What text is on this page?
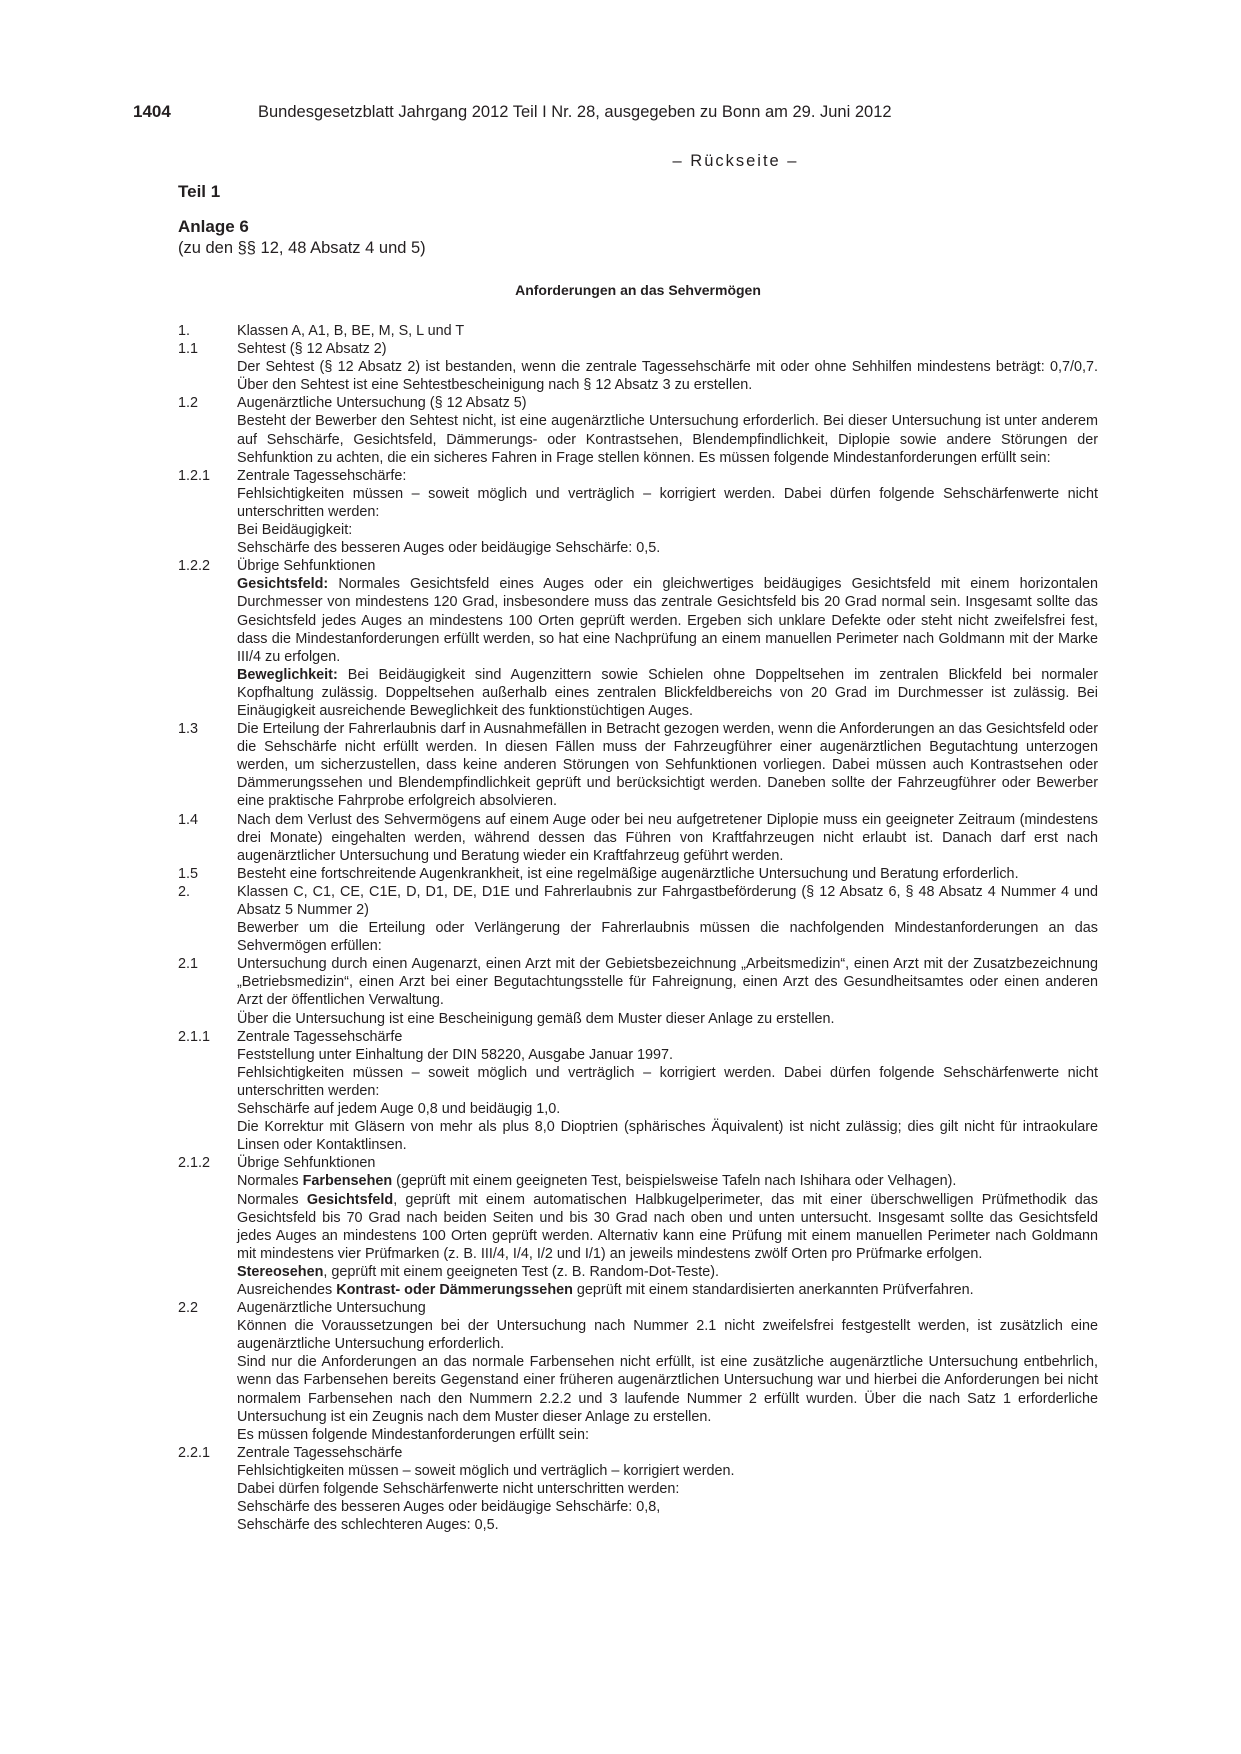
1404	Bundesgesetzblatt Jahrgang 2012 Teil I Nr. 28, ausgegeben zu Bonn am 29. Juni 2012
– Rückseite –
Teil 1
Anlage 6
(zu den §§ 12, 48 Absatz 4 und 5)
Anforderungen an das Sehvermögen
1.	Klassen A, A1, B, BE, M, S, L und T
1.1	Sehtest (§ 12 Absatz 2)
Der Sehtest (§ 12 Absatz 2) ist bestanden, wenn die zentrale Tagessehschärfe mit oder ohne Sehhilfen mindestens beträgt: 0,7/0,7. Über den Sehtest ist eine Sehtestbescheinigung nach § 12 Absatz 3 zu erstellen.
1.2	Augenärztliche Untersuchung (§ 12 Absatz 5)
Besteht der Bewerber den Sehtest nicht, ist eine augenärztliche Untersuchung erforderlich. Bei dieser Untersuchung ist unter anderem auf Sehschärfe, Gesichtsfeld, Dämmerungs- oder Kontrastsehen, Blendempfindlichkeit, Diplopie sowie andere Störungen der Sehfunktion zu achten, die ein sicheres Fahren in Frage stellen können. Es müssen folgende Mindestanforderungen erfüllt sein:
1.2.1	Zentrale Tagessehschärfe:
Fehlsichtigkeiten müssen – soweit möglich und verträglich – korrigiert werden. Dabei dürfen folgende Sehschärfenwerte nicht unterschritten werden:
Bei Beidäugigkeit:
Sehschärfe des besseren Auges oder beidäugige Sehschärfe: 0,5.
1.2.2	Übrige Sehfunktionen
Gesichtsfeld: Normales Gesichtsfeld eines Auges oder ein gleichwertiges beidäugiges Gesichtsfeld mit einem horizontalen Durchmesser von mindestens 120 Grad, insbesondere muss das zentrale Gesichtsfeld bis 20 Grad normal sein. Insgesamt sollte das Gesichtsfeld jedes Auges an mindestens 100 Orten geprüft werden. Ergeben sich unklare Defekte oder steht nicht zweifelsfrei fest, dass die Mindestanforderungen erfüllt werden, so hat eine Nachprüfung an einem manuellen Perimeter nach Goldmann mit der Marke III/4 zu erfolgen.
Beweglichkeit: Bei Beidäugigkeit sind Augenzittern sowie Schielen ohne Doppeltsehen im zentralen Blickfeld bei normaler Kopfhaltung zulässig. Doppeltsehen außerhalb eines zentralen Blickfeldbereichs von 20 Grad im Durchmesser ist zulässig. Bei Einäugigkeit ausreichende Beweglichkeit des funktionstüchtigen Auges.
1.3	Die Erteilung der Fahrerlaubnis darf in Ausnahmefällen in Betracht gezogen werden, wenn die Anforderungen an das Gesichtsfeld oder die Sehschärfe nicht erfüllt werden. In diesen Fällen muss der Fahrzeugführer einer augenärztlichen Begutachtung unterzogen werden, um sicherzustellen, dass keine anderen Störungen von Sehfunktionen vorliegen. Dabei müssen auch Kontrastsehen oder Dämmerungssehen und Blendempfindlichkeit geprüft und berücksichtigt werden. Daneben sollte der Fahrzeugführer oder Bewerber eine praktische Fahrprobe erfolgreich absolvieren.
1.4	Nach dem Verlust des Sehvermögens auf einem Auge oder bei neu aufgetretener Diplopie muss ein geeigneter Zeitraum (mindestens drei Monate) eingehalten werden, während dessen das Führen von Kraftfahrzeugen nicht erlaubt ist. Danach darf erst nach augenärztlicher Untersuchung und Beratung wieder ein Kraftfahrzeug geführt werden.
1.5	Besteht eine fortschreitende Augenkrankheit, ist eine regelmäßige augenärztliche Untersuchung und Beratung erforderlich.
2.	Klassen C, C1, CE, C1E, D, D1, DE, D1E und Fahrerlaubnis zur Fahrgastbeförderung (§ 12 Absatz 6, § 48 Absatz 4 Nummer 4 und Absatz 5 Nummer 2)
Bewerber um die Erteilung oder Verlängerung der Fahrerlaubnis müssen die nachfolgenden Mindestanforderungen an das Sehvermögen erfüllen:
2.1	Untersuchung durch einen Augenarzt, einen Arzt mit der Gebietsbezeichnung „Arbeitsmedizin“, einen Arzt mit der Zusatzbezeichnung „Betriebsmedizin“, einen Arzt bei einer Begutachtungsstelle für Fahreignung, einen Arzt des Gesundheitsamtes oder einen anderen Arzt der öffentlichen Verwaltung.
Über die Untersuchung ist eine Bescheinigung gemäß dem Muster dieser Anlage zu erstellen.
2.1.1	Zentrale Tagessehschärfe
Feststellung unter Einhaltung der DIN 58220, Ausgabe Januar 1997.
Fehlsichtigkeiten müssen – soweit möglich und verträglich – korrigiert werden. Dabei dürfen folgende Sehschärfenwerte nicht unterschritten werden:
Sehschärfe auf jedem Auge 0,8 und beidäugig 1,0.
Die Korrektur mit Gläsern von mehr als plus 8,0 Dioptrien (sphärisches Äquivalent) ist nicht zulässig; dies gilt nicht für intraokulare Linsen oder Kontaktlinsen.
2.1.2	Übrige Sehfunktionen
Normales Farbensehen (geprüft mit einem geeigneten Test, beispielsweise Tafeln nach Ishihara oder Velhagen).
Normales Gesichtsfeld, geprüft mit einem automatischen Halbkugelperimeter, das mit einer überschwelligen Prüfmethodik das Gesichtsfeld bis 70 Grad nach beiden Seiten und bis 30 Grad nach oben und unten untersucht. Insgesamt sollte das Gesichtsfeld jedes Auges an mindestens 100 Orten geprüft werden. Alternativ kann eine Prüfung mit einem manuellen Perimeter nach Goldmann mit mindestens vier Prüfmarken (z. B. III/4, I/4, I/2 und I/1) an jeweils mindestens zwölf Orten pro Prüfmarke erfolgen.
Stereosehen, geprüft mit einem geeigneten Test (z. B. Random-Dot-Teste).
Ausreichendes Kontrast- oder Dämmerungssehen geprüft mit einem standardisierten anerkannten Prüfverfahren.
2.2	Augenärztliche Untersuchung
Können die Voraussetzungen bei der Untersuchung nach Nummer 2.1 nicht zweifelsfrei festgestellt werden, ist zusätzlich eine augenärztliche Untersuchung erforderlich.
Sind nur die Anforderungen an das normale Farbensehen nicht erfüllt, ist eine zusätzliche augenärztliche Untersuchung entbehrlich, wenn das Farbensehen bereits Gegenstand einer früheren augenärztlichen Untersuchung war und hierbei die Anforderungen bei nicht normalem Farbensehen nach den Nummern 2.2.2 und 3 laufende Nummer 2 erfüllt wurden. Über die nach Satz 1 erforderliche Untersuchung ist ein Zeugnis nach dem Muster dieser Anlage zu erstellen.
Es müssen folgende Mindestanforderungen erfüllt sein:
2.2.1	Zentrale Tagessehschärfe
Fehlsichtigkeiten müssen – soweit möglich und verträglich – korrigiert werden.
Dabei dürfen folgende Sehschärfenwerte nicht unterschritten werden:
Sehschärfe des besseren Auges oder beidäugige Sehschärfe: 0,8,
Sehschärfe des schlechteren Auges: 0,5.
